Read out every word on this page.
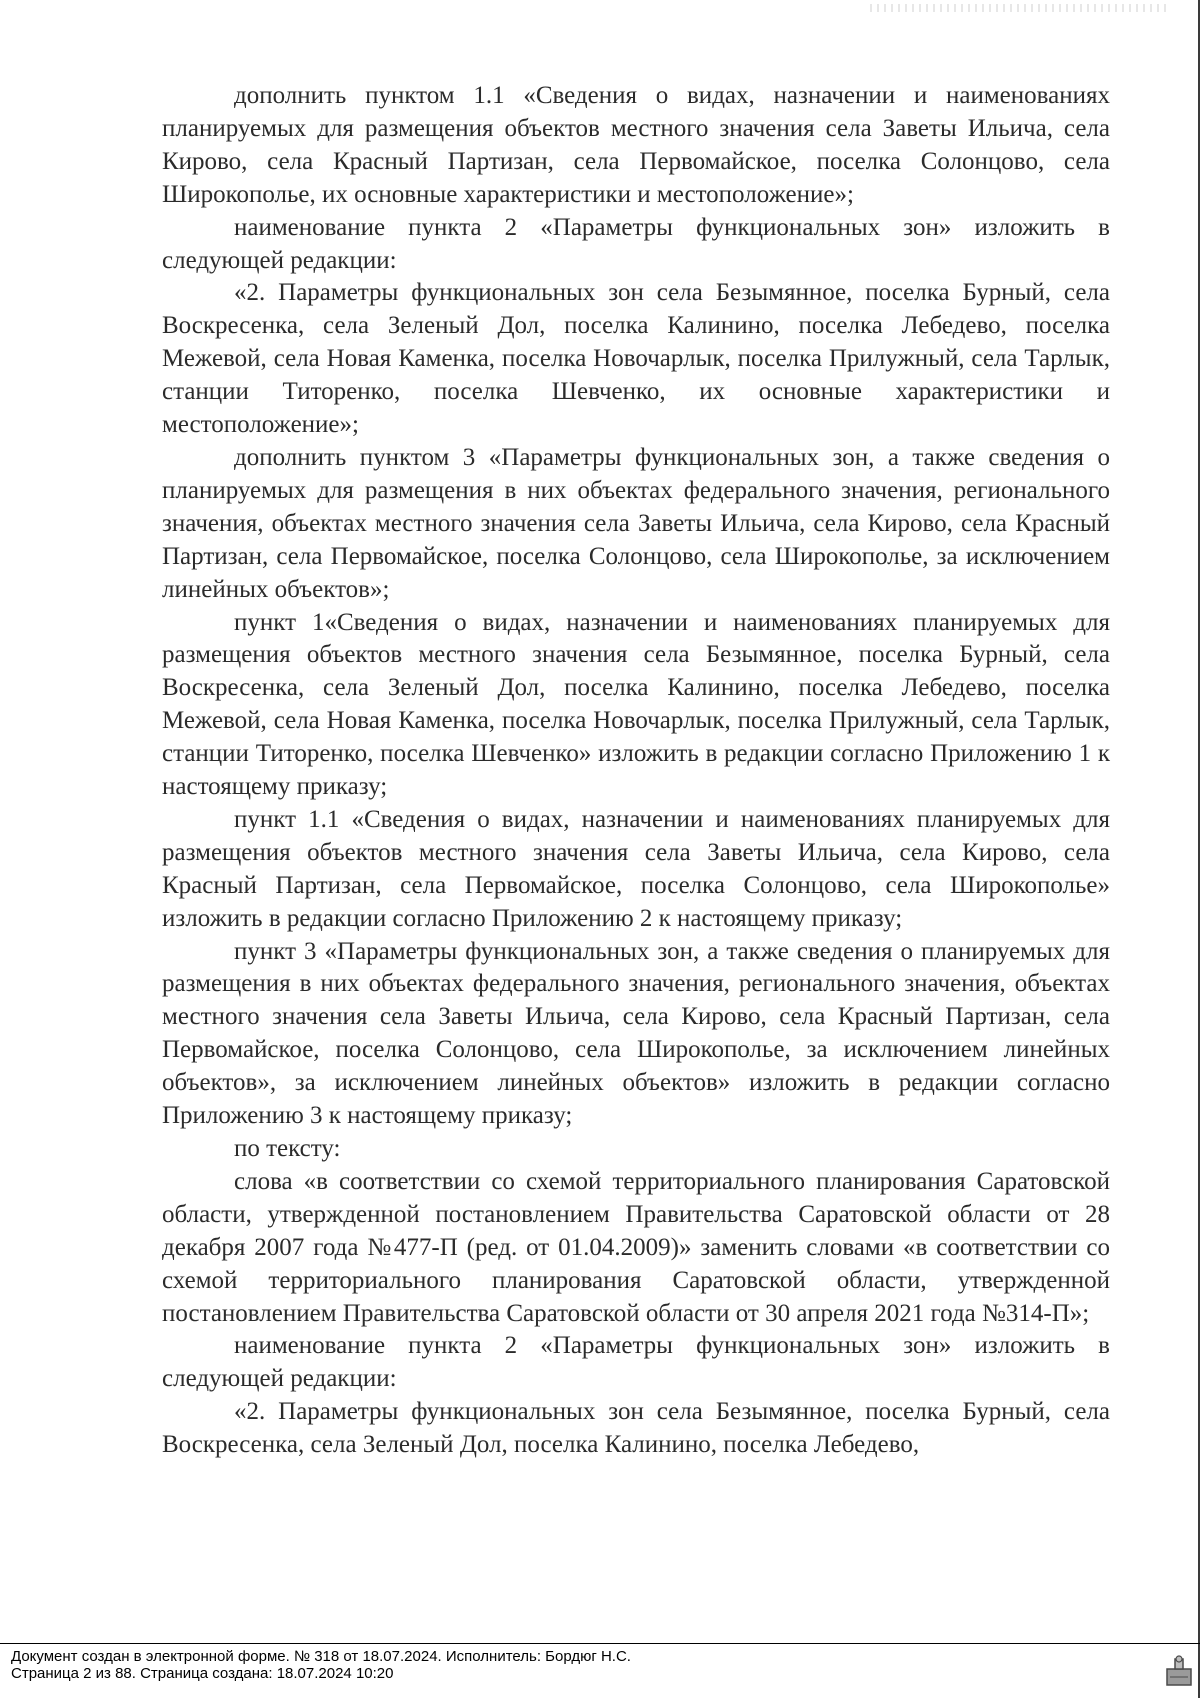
дополнить пунктом 1.1 «Сведения о видах, назначении и наименованиях планируемых для размещения объектов местного значения села Заветы Ильича, села Кирово, села Красный Партизан, села Первомайское, поселка Солонцово, села Широкополье, их основные характеристики и местоположение»;

наименование пункта 2 «Параметры функциональных зон» изложить в следующей редакции:

«2. Параметры функциональных зон села Безымянное, поселка Бурный, села Воскресенка, села Зеленый Дол, поселка Калинино, поселка Лебедево, поселка Межевой, села Новая Каменка, поселка Новочарлык, поселка Прилужный, села Тарлык, станции Титоренко, поселка Шевченко, их основные характеристики и местоположение»;

дополнить пунктом 3 «Параметры функциональных зон, а также сведения о планируемых для размещения в них объектах федерального значения, регионального значения, объектах местного значения села Заветы Ильича, села Кирово, села Красный Партизан, села Первомайское, поселка Солонцово, села Широкополье, за исключением линейных объектов»;

пункт 1«Сведения о видах, назначении и наименованиях планируемых для размещения объектов местного значения села Безымянное, поселка Бурный, села Воскресенка, села Зеленый Дол, поселка Калинино, поселка Лебедево, поселка Межевой, села Новая Каменка, поселка Новочарлык, поселка Прилужный, села Тарлык, станции Титоренко, поселка Шевченко» изложить в редакции согласно Приложению 1 к настоящему приказу;

пункт 1.1 «Сведения о видах, назначении и наименованиях планируемых для размещения объектов местного значения села Заветы Ильича, села Кирово, села Красный Партизан, села Первомайское, поселка Солонцово, села Широкополье» изложить в редакции согласно Приложению 2 к настоящему приказу;

пункт 3 «Параметры функциональных зон, а также сведения о планируемых для размещения в них объектах федерального значения, регионального значения, объектах местного значения села Заветы Ильича, села Кирово, села Красный Партизан, села Первомайское, поселка Солонцово, села Широкополье, за исключением линейных объектов», за исключением линейных объектов» изложить в редакции согласно Приложению 3 к настоящему приказу;

по тексту:

слова «в соответствии со схемой территориального планирования Саратовской области, утвержденной постановлением Правительства Саратовской области от 28 декабря 2007 года №477-П (ред. от 01.04.2009)» заменить словами «в соответствии со схемой территориального планирования Саратовской области, утвержденной постановлением Правительства Саратовской области от 30 апреля 2021 года №314-П»;

наименование пункта 2 «Параметры функциональных зон» изложить в следующей редакции:

«2. Параметры функциональных зон села Безымянное, поселка Бурный, села Воскресенка, села Зеленый Дол, поселка Калинино, поселка Лебедево,

Документ создан в электронной форме. № 318 от 18.07.2024. Исполнитель: Бордюг Н.С.
Страница 2 из 88. Страница создана: 18.07.2024 10:20
